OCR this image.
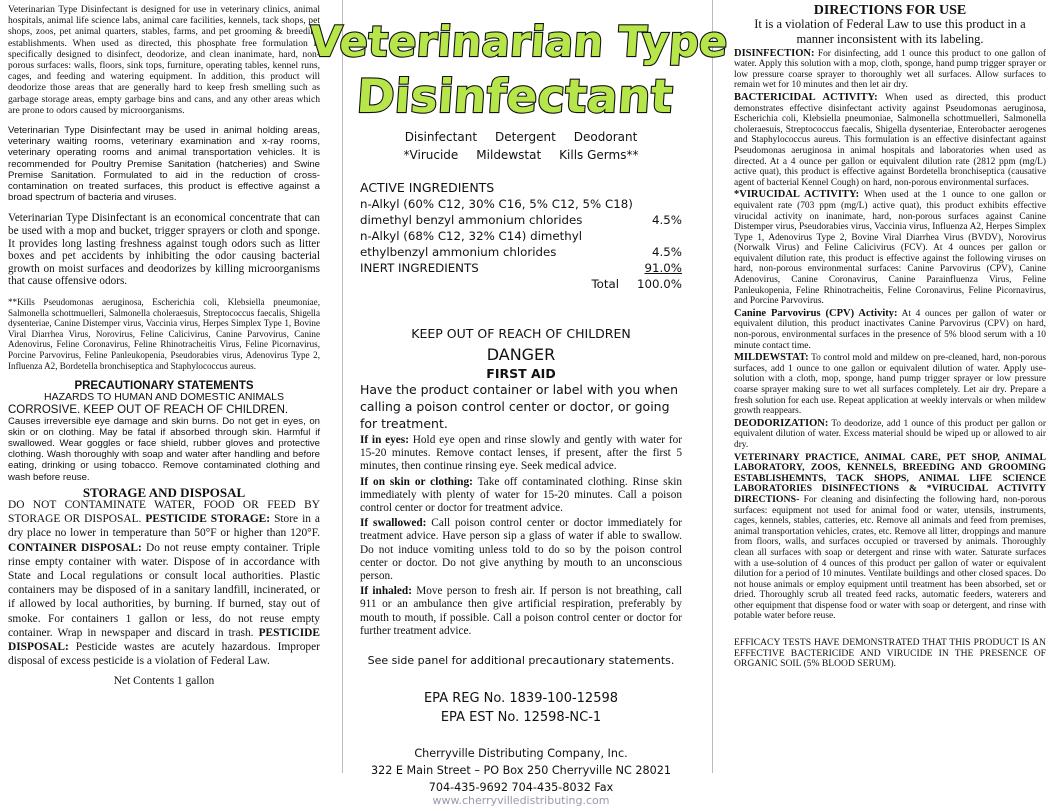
Veterinarian Type Disinfectant is designed for use in veterinary clinics, animal hospitals, animal life science labs, animal care facilities, kennels, tack shops, pet shops, zoos, pet animal quarters, stables, farms, and pet grooming & breeding establishments. When used as directed, this phosphate free formulation is specifically designed to disinfect, deodorize, and clean inanimate, hard, non-porous surfaces: walls, floors, sink tops, furniture, operating tables, kennel runs, cages, and feeding and watering equipment. In addition, this product will deodorize those areas that are generally hard to keep fresh smelling such as garbage storage areas, empty garbage bins and cans, and any other areas which are prone to odors caused by microorganisms.

Veterinarian Type Disinfectant may be used in animal holding areas, veterinary waiting rooms, veterinary examination and x-ray rooms, veterinary operating rooms and animal transportation vehicles. It is recommended for Poultry Premise Sanitation (hatcheries) and Swine Premise Sanitation. Formulated to aid in the reduction of cross-contamination on treated surfaces, this product is effective against a broad spectrum of bacteria and viruses.

Veterinarian Type Disinfectant is an economical concentrate that can be used with a mop and bucket, trigger sprayers or cloth and sponge. It provides long lasting freshness against tough odors such as litter boxes and pet accidents by inhibiting the odor causing bacterial growth on moist surfaces and deodorizes by killing microorganisms that cause offensive odors.

**Kills Pseudomonas aeruginosa, Escherichia coli, Klebsiella pneumoniae, Salmonella schottmuelleri, Salmonella choleraesuis, Streptococcus faecalis, Shigella dysenteriae, Canine Distemper virus, Vaccinia virus, Herpes Simplex Type 1, Bovine Viral Diarrhea Virus, Norovirus, Feline Calicivirus, Canine Parvovirus, Canine Adenovirus, Feline Coronavirus, Feline Rhinotracheitis Virus, Feline Picornavirus, Porcine Parvovirus, Feline Panleukopenia, Pseudorabies virus, Adenovirus Type 2, Influenza A2, Bordetella bronchiseptica and Staphylococcus aureus.

PRECAUTIONARY STATEMENTS
HAZARDS TO HUMAN AND DOMESTIC ANIMALS
CORROSIVE. KEEP OUT OF REACH OF CHILDREN.

Causes irreversible eye damage and skin burns. Do not get in eyes, on skin or on clothing. May be fatal if absorbed through skin. Harmful if swallowed. Wear goggles or face shield, rubber gloves and protective clothing. Wash thoroughly with soap and water after handling and before eating, drinking or using tobacco. Remove contaminated clothing and wash before reuse.

STORAGE AND DISPOSAL

DO NOT CONTAMINATE WATER, FOOD OR FEED BY STORAGE OR DISPOSAL. PESTICIDE STORAGE: Store in a dry place no lower in temperature than 50°F or higher than 120°F. CONTAINER DISPOSAL: Do not reuse empty container. Triple rinse empty container with water. Dispose of in accordance with State and Local regulations or consult local authorities. Plastic containers may be disposed of in a sanitary landfill, incinerated, or if allowed by local authorities, by burning. If burned, stay out of smoke. For containers 1 gallon or less, do not reuse empty container. Wrap in newspaper and discard in trash. PESTICIDE DISPOSAL: Pesticide wastes are acutely hazardous. Improper disposal of excess pesticide is a violation of Federal Law.

Net Contents 1 gallon
Veterinarian Type
Disinfectant
Disinfectant Detergent Deodorant
*Virucide Mildewstat Kills Germs**
ACTIVE INGREDIENTS
n-Alkyl (60% C12, 30% C16, 5% C12, 5% C18)
dimethyl benzyl ammonium chlorides	4.5%
n-Alkyl (68% C12, 32% C14) dimethyl
ethylbenzyl ammonium chlorides	4.5%
INERT INGREDIENTS	91.0%
Total 100.0%
KEEP OUT OF REACH OF CHILDREN
DANGER
FIRST AID

Have the product container or label with you when calling a poison control center or doctor, or going for treatment.

If in eyes: Hold eye open and rinse slowly and gently with water for 15-20 minutes. Remove contact lenses, if present, after the first 5 minutes, then continue rinsing eye. Seek medical advice.

If on skin or clothing: Take off contaminated clothing. Rinse skin immediately with plenty of water for 15-20 minutes. Call a poison control center or doctor for treatment advice.

If swallowed: Call poison control center or doctor immediately for treatment advice. Have person sip a glass of water if able to swallow. Do not induce vomiting unless told to do so by the poison control center or doctor. Do not give anything by mouth to an unconscious person.

If inhaled: Move person to fresh air. If person is not breathing, call 911 or an ambulance then give artificial respiration, preferably by mouth to mouth, if possible. Call a poison control center or doctor for further treatment advice.

See side panel for additional precautionary statements.
EPA REG No. 1839-100-12598
EPA EST No. 12598-NC-1
Cherryville Distributing Company, Inc.
322 E Main Street – PO Box 250 Cherryville NC 28021
704-435-9692 704-435-8032 Fax
www.cherryvilledistributing.com
DIRECTIONS FOR USE
It is a violation of Federal Law to use this product in a manner inconsistent with its labeling.

DISINFECTION: For disinfecting, add 1 ounce this product to one gallon of water. Apply this solution with a mop, cloth, sponge, hand pump trigger sprayer or low pressure coarse sprayer to thoroughly wet all surfaces. Allow surfaces to remain wet for 10 minutes and then let air dry.

BACTERICIDAL ACTIVITY: When used as directed, this product demonstrates effective disinfectant activity against Pseudomonas aeruginosa, Escherichia coli, Klebsiella pneumoniae, Salmonella schottmuelleri, Salmonella choleraesuis, Streptococcus faecalis, Shigella dysenteriae, Enterobacter aerogenes and Staphylococcus aureus. This formulation is an effective disinfectant against Pseudomonas aeruginosa in animal hospitals and laboratories when used as directed. At a 4 ounce per gallon or equivalent dilution rate (2812 ppm (mg/L) active quat), this product is effective against Bordetella bronchiseptica (causative agent of bacterial Kennel Cough) on hard, non-porous environmental surfaces.

*VIRUCIDAL ACTIVITY: When used at the 1 ounce to one gallon or equivalent rate (703 ppm (mg/L) active quat), this product exhibits effective virucidal activity on inanimate, hard, non-porous surfaces against Canine Distemper virus, Pseudorabies virus, Vaccinia virus, Influenza A2, Herpes Simplex Type 1, Adenovirus Type 2, Bovine Viral Diarrhea Virus (BVDV), Norovirus (Norwalk Virus) and Feline Calicivirus (FCV). At 4 ounces per gallon or equivalent dilution rate, this product is effective against the following viruses on hard, non-porous environmental surfaces: Canine Parvovirus (CPV), Canine Adenovirus, Canine Coronavirus, Canine Parainfluenza Virus, Feline Panleukopenia, Feline Rhinotracheitis, Feline Coronavirus, Feline Picornavirus, and Porcine Parvovirus.

Canine Parvovirus (CPV) Activity: At 4 ounces per gallon of water or equivalent dilution, this product inactivates Canine Parvovirus (CPV) on hard, non-porous, environmental surfaces in the presence of 5% blood serum with a 10 minute contact time.

MILDEWSTAT: To control mold and mildew on pre-cleaned, hard, non-porous surfaces, add 1 ounce to one gallon or equivalent dilution of water. Apply use-solution with a cloth, mop, sponge, hand pump trigger sprayer or low pressure coarse sprayer making sure to wet all surfaces completely. Let air dry. Prepare a fresh solution for each use. Repeat application at weekly intervals or when mildew growth reappears.

DEODORIZATION: To deodorize, add 1 ounce of this product per gallon or equivalent dilution of water. Excess material should be wiped up or allowed to air dry.

VETERINARY PRACTICE, ANIMAL CARE, PET SHOP, ANIMAL LABORATORY, ZOOS, KENNELS, BREEDING AND GROOMING ESTABLISHEMNTS, TACK SHOPS, ANIMAL LIFE SCIENCE LABORATORIES DISINFECTIONS & *VIRUCIDAL ACTIVITY DIRECTIONS- For cleaning and disinfecting the following hard, non-porous surfaces: equipment not used for animal food or water, utensils, instruments, cages, kennels, stables, catteries, etc. Remove all animals and feed from premises, animal transportation vehicles, crates, etc. Remove all litter, droppings and manure from floors, walls, and surfaces occupied or traversed by animals. Thoroughly clean all surfaces with soap or detergent and rinse with water. Saturate surfaces with a use-solution of 4 ounces of this product per gallon of water or equivalent dilution for a period of 10 minutes. Ventilate buildings and other closed spaces. Do not house animals or employ equipment until treatment has been absorbed, set or dried. Thoroughly scrub all treated feed racks, automatic feeders, waterers and other equipment that dispense food or water with soap or detergent, and rinse with potable water before reuse.

EFFICACY TESTS HAVE DEMONSTRATED THAT THIS PRODUCT IS AN EFFECTIVE BACTERICIDE AND VIRUCIDE IN THE PRESENCE OF ORGANIC SOIL (5% BLOOD SERUM).
